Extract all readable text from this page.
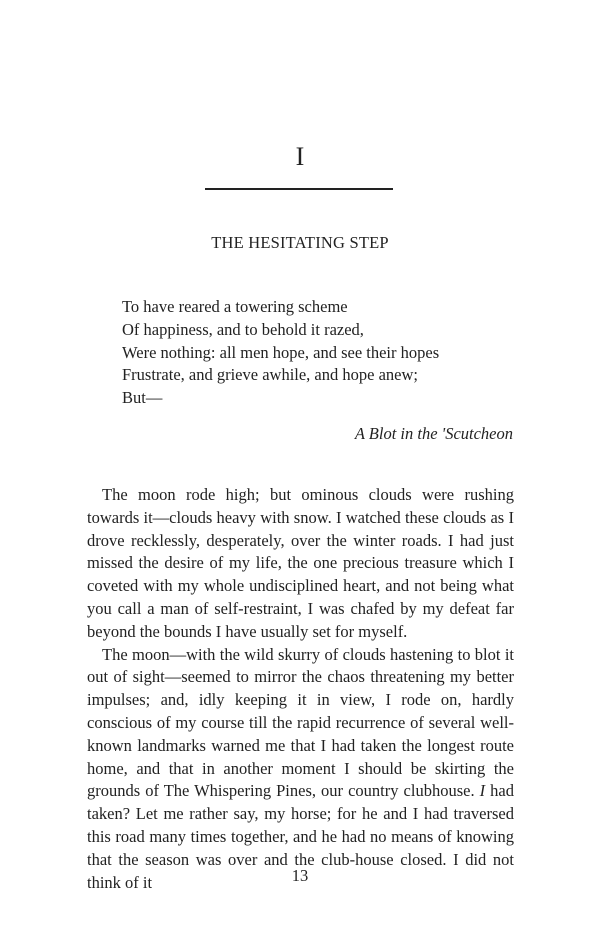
I
THE HESITATING STEP
To have reared a towering scheme
Of happiness, and to behold it razed,
Were nothing: all men hope, and see their hopes
Frustrate, and grieve awhile, and hope anew;
But—
A Blot in the 'Scutcheon

The moon rode high; but ominous clouds were rushing towards it—clouds heavy with snow. I watched these clouds as I drove recklessly, desperately, over the winter roads. I had just missed the desire of my life, the one precious treasure which I coveted with my whole undisciplined heart, and not being what you call a man of self-restraint, I was chafed by my defeat far beyond the bounds I have usually set for myself.

The moon—with the wild skurry of clouds hastening to blot it out of sight—seemed to mirror the chaos threatening my better impulses; and, idly keeping it in view, I rode on, hardly conscious of my course till the rapid recurrence of several well-known landmarks warned me that I had taken the longest route home, and that in another moment I should be skirting the grounds of The Whispering Pines, our country clubhouse. I had taken? Let me rather say, my horse; for he and I had traversed this road many times together, and he had no means of knowing that the season was over and the club-house closed. I did not think of it	13
